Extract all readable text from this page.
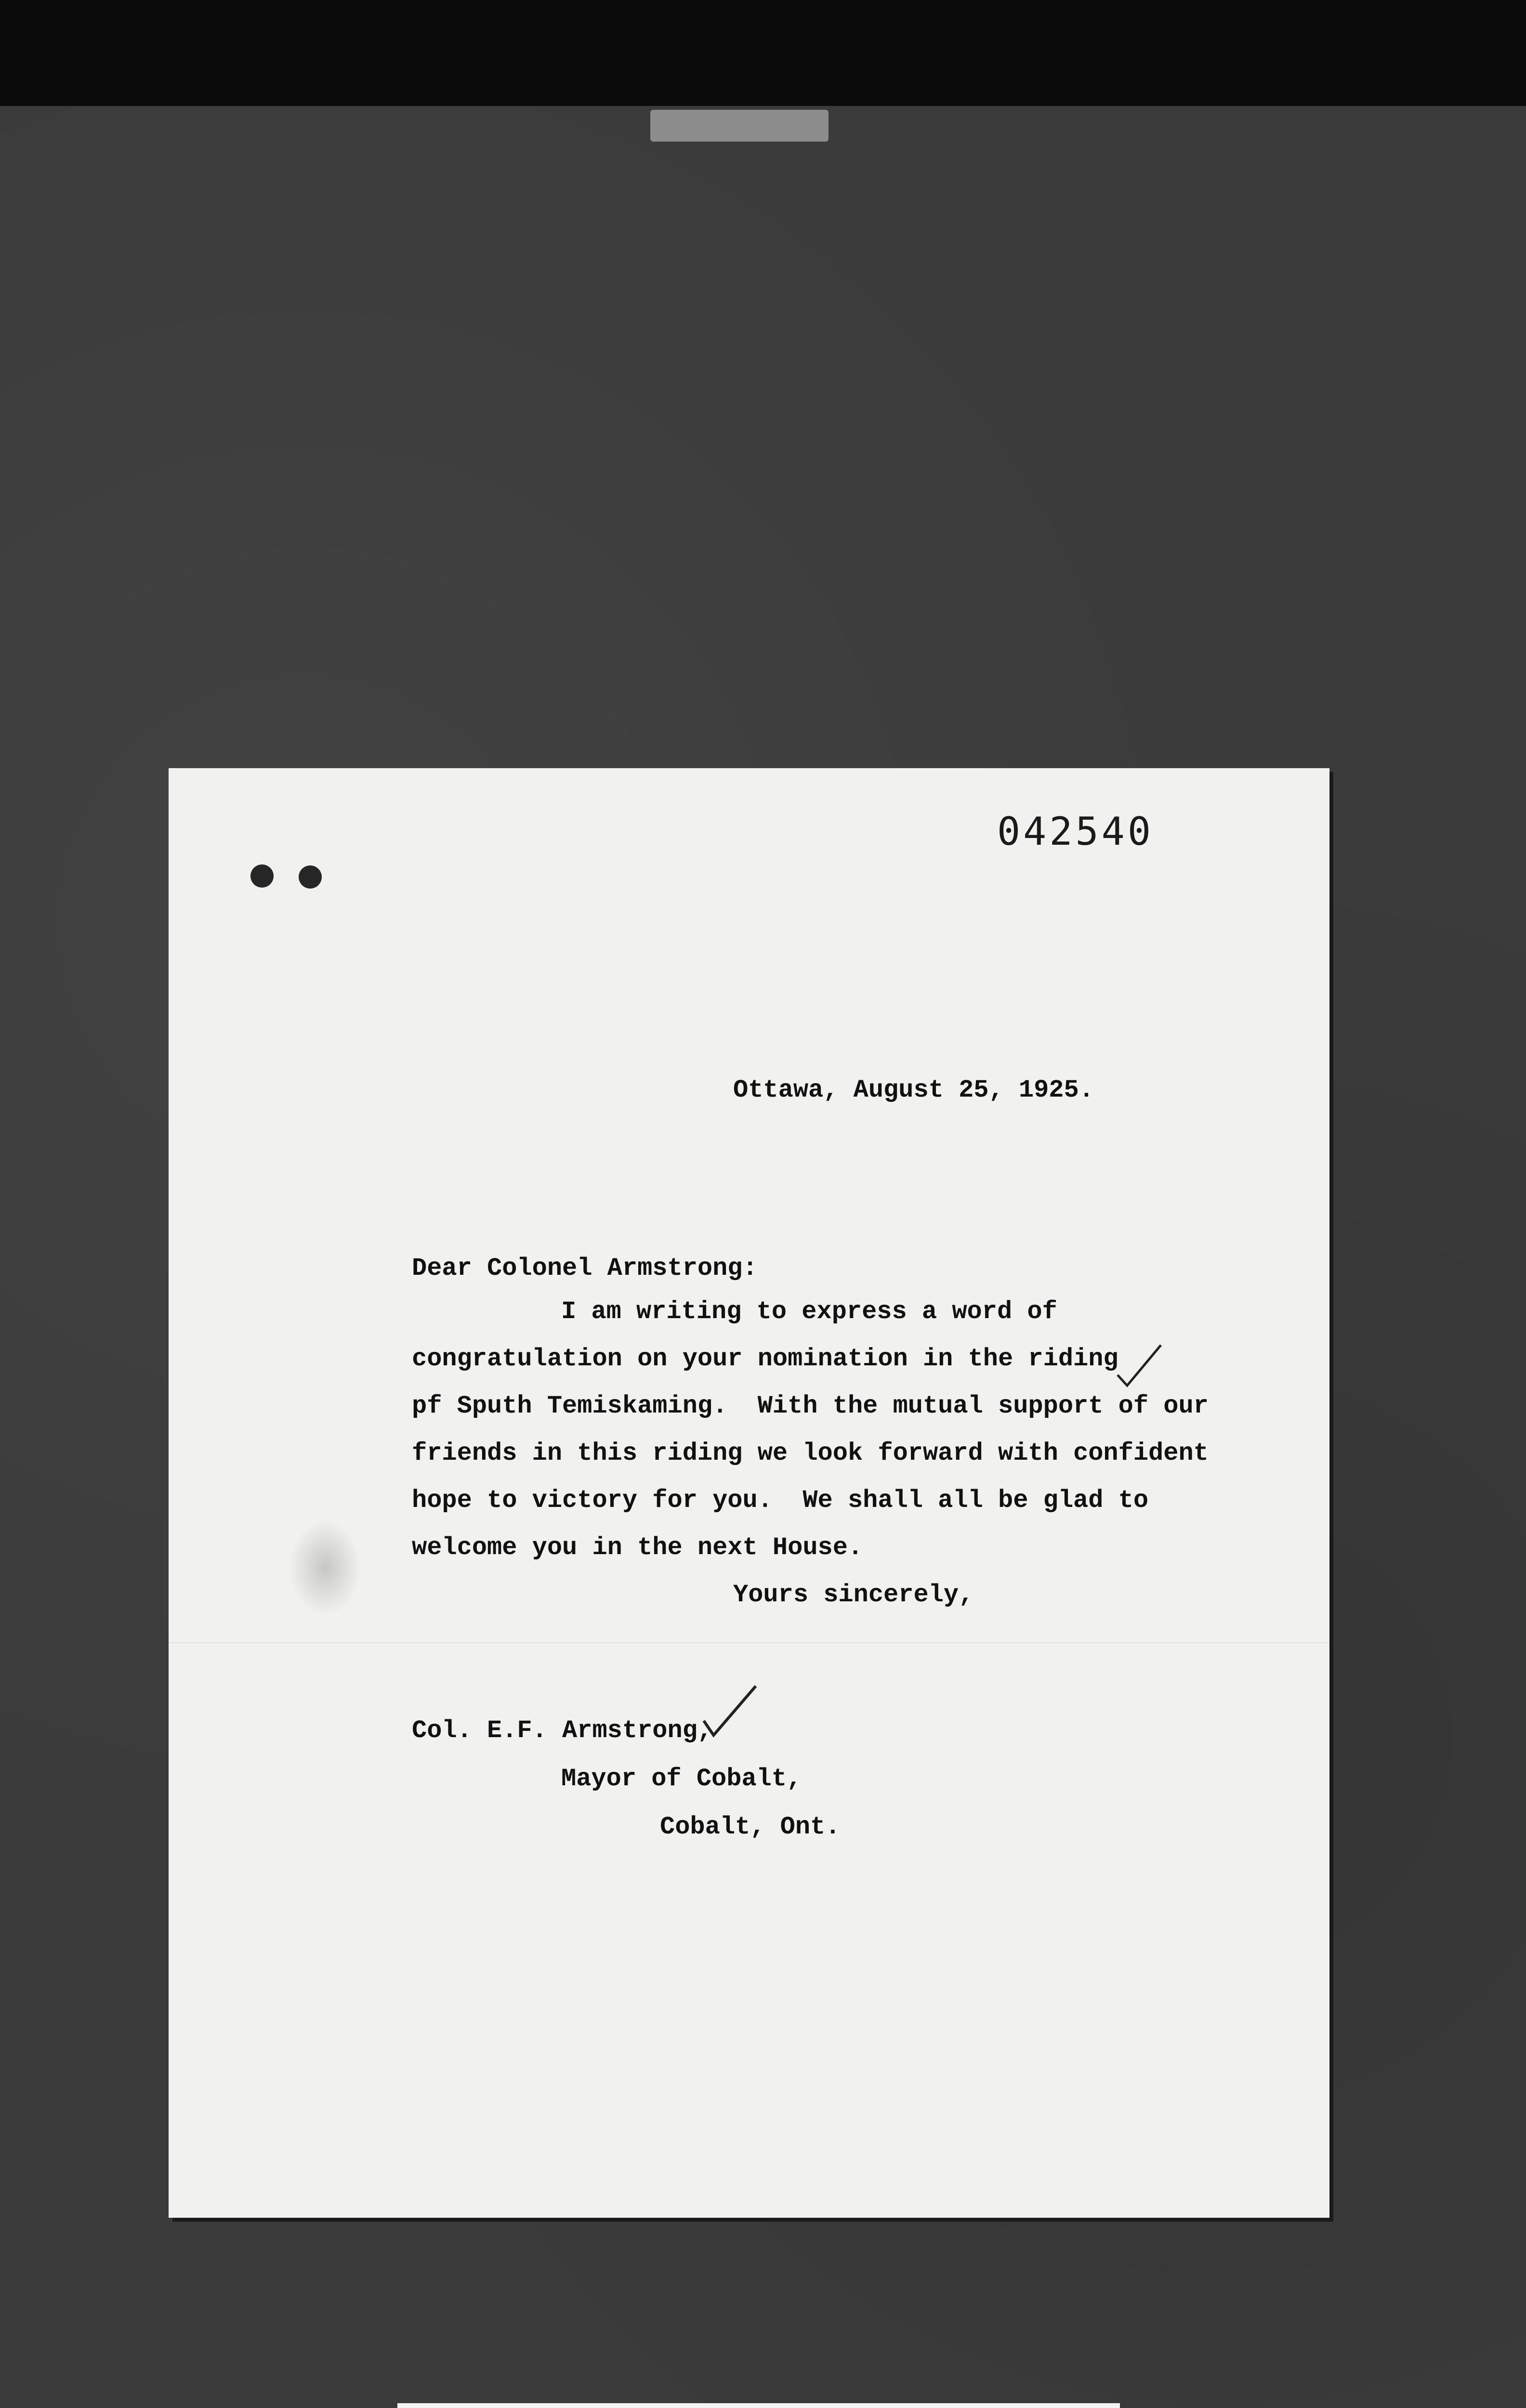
042540
Ottawa, August 25, 1925.
Dear Colonel Armstrong:
I am writing to express a word of
congratulation on your nomination in the riding
pf Sputh Temiskaming.  With the mutual support of our
friends in this riding we look forward with confident
hope to victory for you.  We shall all be glad to
welcome you in the next House.
Yours sincerely,
Col. E.F. Armstrong,
Mayor of Cobalt,
Cobalt, Ont.
